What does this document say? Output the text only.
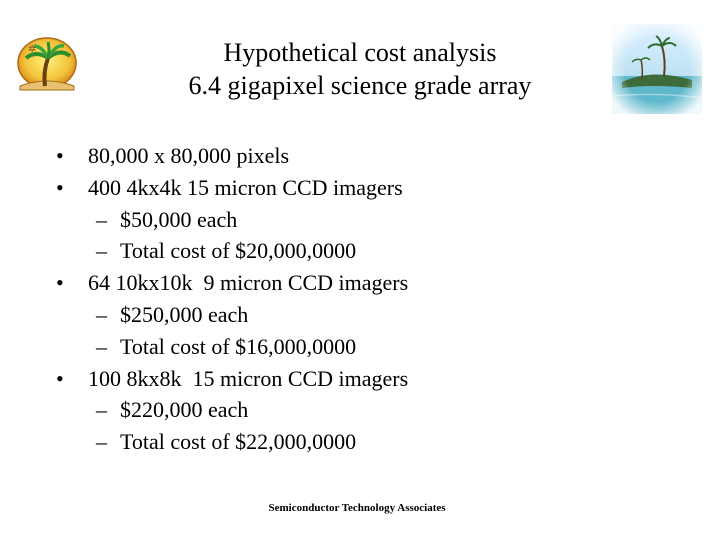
✲	Hypothetical cost analysis
6.4 gigapixel science grade array
• 80,000 x 80,000 pixels
• 400 4kx4k 15 micron CCD imagers
– $50,000 each
– Total cost of $20,000,0000
• 64 10kx10k  9 micron CCD imagers
– $250,000 each
– Total cost of $16,000,0000
• 100 8kx8k  15 micron CCD imagers
– $220,000 each
– Total cost of $22,000,0000
Semiconductor Technology Associates
